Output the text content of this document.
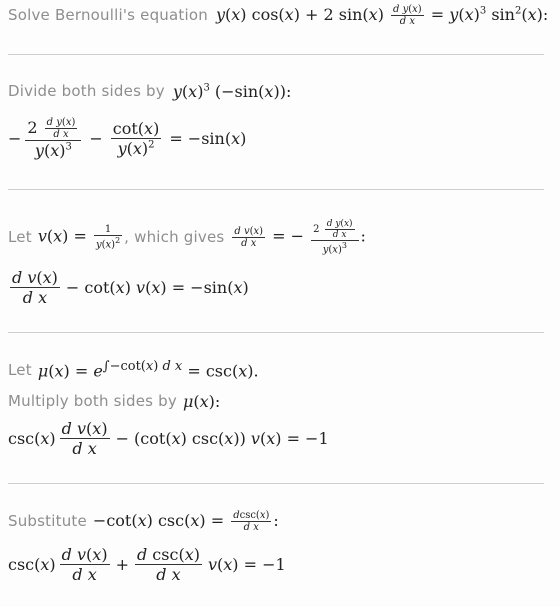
Solve Bernoulli's equation y(x) cos(x) + 2 $\sin(x) \frac{\text{d y(x)}}{\text{d x}} = y(x)^3$ $\sin^2(x)$:
Divide both sides by $y(x)^3$ (−sin(x)):
− $\frac{2 \frac{\text{d y(x)}}{\text{d x}}}{y(x)^3} - \frac{\cot(x)}{y(x)^2} = -\sin(x)$
Let $v(x) = \frac{1}{y(x)^2}$ , which gives $\frac{\text{d v(x)}}{\text{d x}}$ = − $\frac{2 \frac{\text{d y(x)}}{\text{d x}}}{y(x)^3}$ :
$\frac{\text{d v(x)}}{\text{d x}} - \cot(x) v(x) = -\sin(x)$
Let $\mu(x) = e^{\int-cot(x) d x} = \csc(x)$.
Multiply both sides by μ(x):
$\csc(x) \frac{\text{d v(x)}}{\text{d x}} - (\cot(x)$ csc(x)) v(x) = −1
Substitute −cot(x) $\csc(x) = \frac{dcsc(x)}{\text{d x}}$ :
$\csc(x) \frac{\text{d v(x)}}{\text{d x}} + \frac{\text{d csc(x)}}{\text{d x}} v(x) = -1$
